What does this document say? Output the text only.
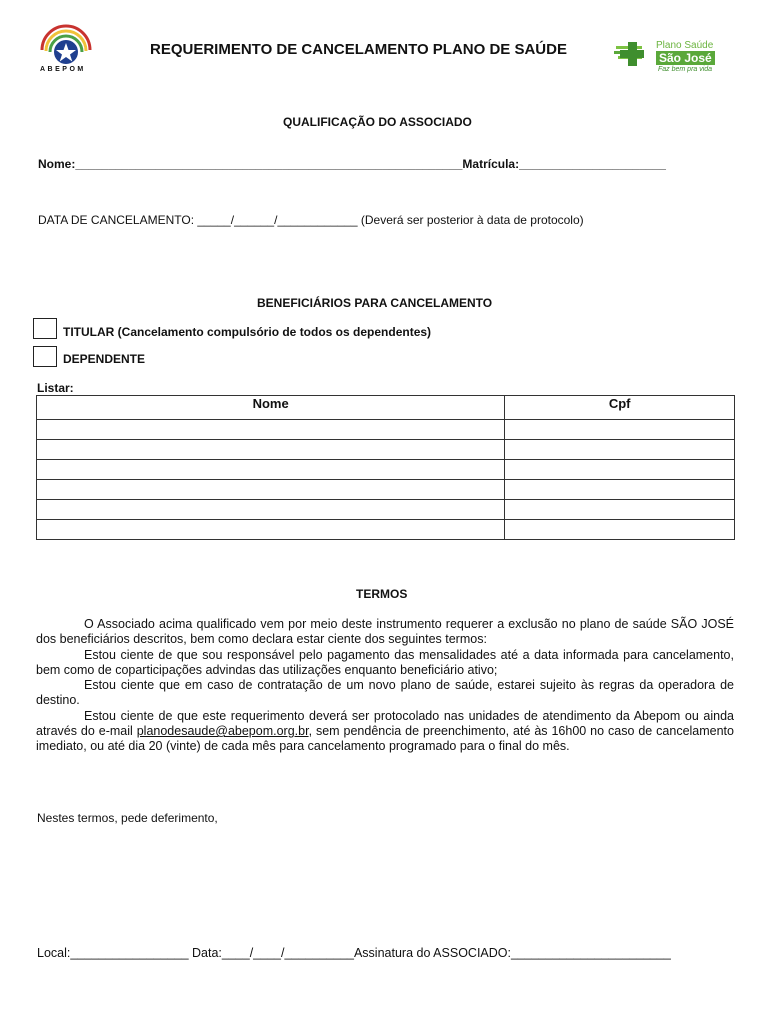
ABEPOM
REQUERIMENTO DE CANCELAMENTO PLANO DE SAÚDE	Plano Saúde
São José
Faz bem pra vida
QUALIFICAÇÃO DO ASSOCIADO
Nome:__________________________________________________________Matrícula:______________________
DATA DE CANCELAMENTO: _____/______/____________ (Deverá ser posterior à data de protocolo)
BENEFICIÁRIOS PARA CANCELAMENTO
TITULAR (Cancelamento compulsório de todos os dependentes)
DEPENDENTE
Listar:
Nome	Cpf

TERMOS

O Associado acima qualificado vem por meio deste instrumento requerer a exclusão no plano de saúde SÃO JOSÉ dos beneficiários descritos, bem como declara estar ciente dos seguintes termos:

Estou ciente de que sou responsável pelo pagamento das mensalidades até a data informada para cancelamento, bem como de coparticipações advindas das utilizações enquanto beneficiário ativo;

Estou ciente que em caso de contratação de um novo plano de saúde, estarei sujeito às regras da operadora de destino.

Estou ciente de que este requerimento deverá ser protocolado nas unidades de atendimento da Abepom ou ainda através do e-mail planodesaude@abepom.org.br, sem pendência de preenchimento, até às 16h00 no caso de cancelamento imediato, ou até dia 20 (vinte) de cada mês para cancelamento programado para o final do mês.

Nestes termos, pede deferimento,
Local:_________________ Data:____/____/__________Assinatura do ASSOCIADO:_______________________
